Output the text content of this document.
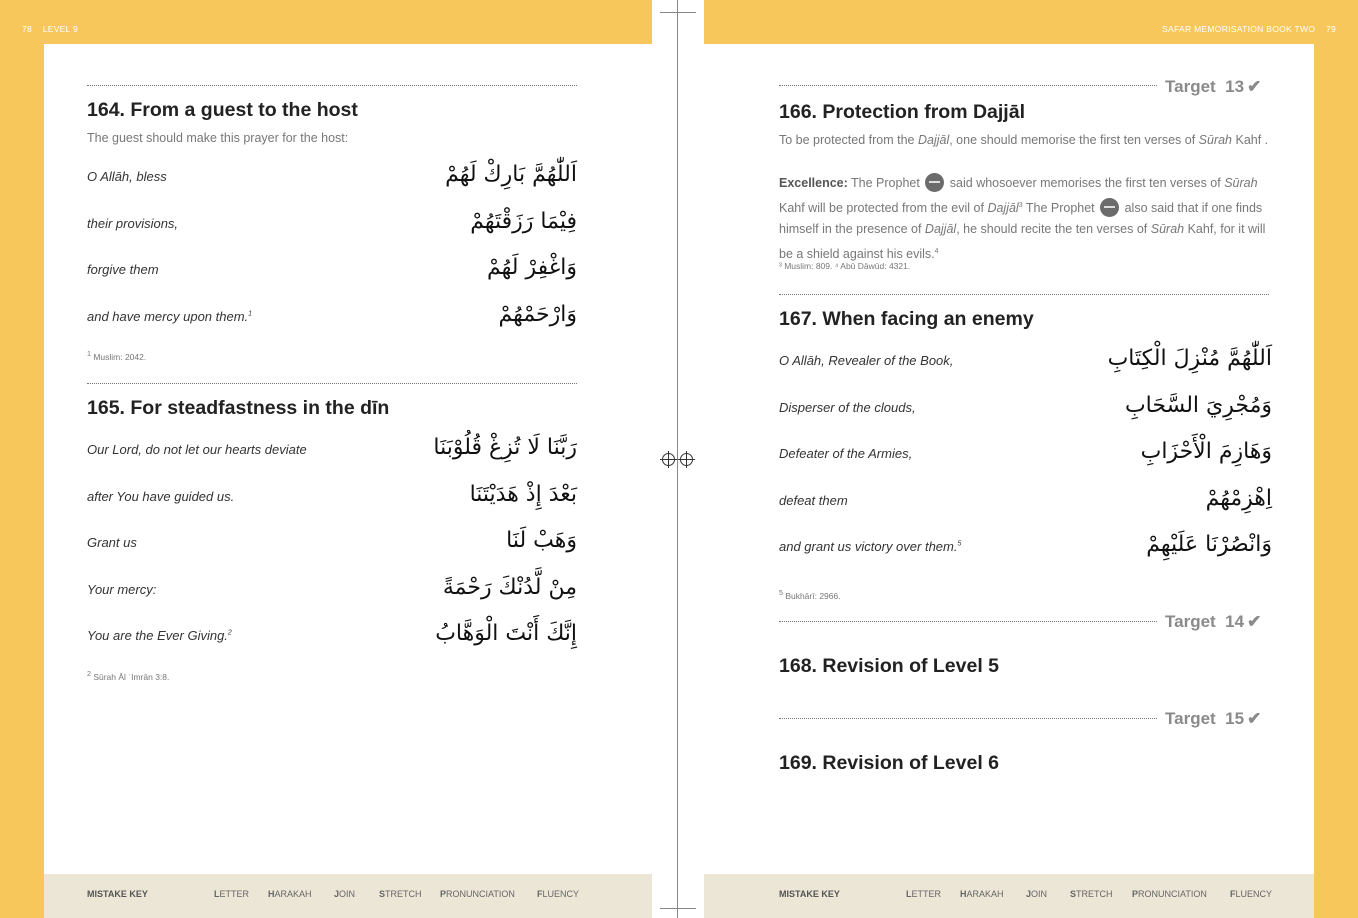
78 LEVEL 9
164. From a guest to the host
The guest should make this prayer for the host:
O Allāh, bless	اَللّٰهُمَّ بَارِكْ لَهُمْ
their provisions,	فِيْمَا رَزَقْتَهُمْ
forgive them	وَاغْفِرْ لَهُمْ
and have mercy upon them.$^1$	وَارْحَمْهُمْ
$^1$ Muslim: 2042.
165. For steadfastness in the dīn
Our Lord, do not let our hearts deviate	رَبَّنَا لَا تُزِغْ قُلُوْبَنَا
after You have guided us.	بَعْدَ إِذْ هَدَيْتَنَا
Grant us	وَهَبْ لَنَا
Your mercy:	مِنْ لَّدُنْكَ رَحْمَةً
You are the Ever Giving.$^2$	إِنَّكَ أَنْتَ الْوَهَّابُ
$^2$ Sūrah Āl ʿImrān 3:8.
MISTAKE KEY	LETTER HARAKAH JOIN	STRETCH PRONUNCIATION FLUENCY
SAFAR MEMORISATION BOOK TWO 79
Target 13 ✔
166. Protection from Dajjāl
To be protected from the Dajjāl, one should memorise the first ten verses of Sūrah Kahf .
Excellence: The Prophet  said whosoever memorises the first ten verses of Sūrah Kahf will be protected from the evil of Dajjāl$^3$ The Prophet  also said that if one finds himself in the presence of Dajjāl, he should recite the ten verses of Sūrah Kahf, for it will be a shield against his evils.$^4$
³ Muslim: 809. ⁴ Abū Dāwūd: 4321.
167. When facing an enemy
O Allāh, Revealer of the Book,	اَللّٰهُمَّ مُنْزِلَ الْكِتَابِ
Disperser of the clouds,	وَمُجْرِيَ السَّحَابِ
Defeater of the Armies,	وَهَازِمَ الْأَحْزَابِ
defeat them	اِهْزِمْهُمْ
and grant us victory over them.$^5$	وَانْصُرْنَا عَلَيْهِمْ
$^5$ Bukhārī: 2966.
Target 14 ✔
168. Revision of Level 5
Target 15 ✔
169. Revision of Level 6
MISTAKE KEY	LETTER HARAKAH JOIN	STRETCH PRONUNCIATION	FLUENCY
